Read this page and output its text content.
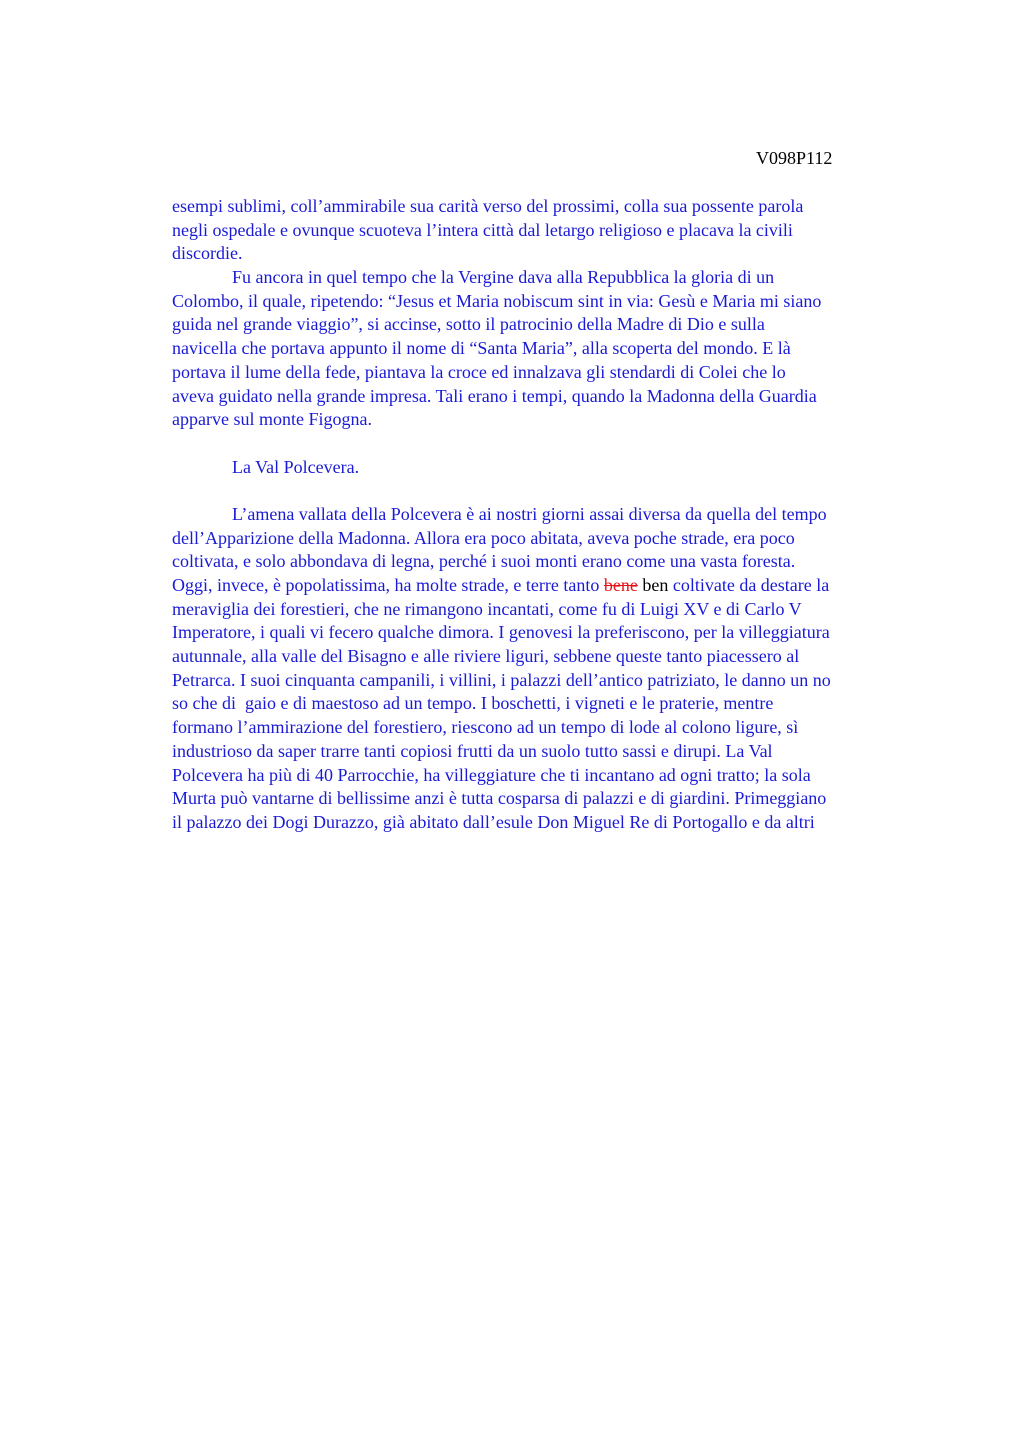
V098P112
esempi sublimi, coll’ammirabile sua carità verso del prossimi, colla sua possente parola
negli ospedale e ovunque scuoteva l’intera città dal letargo religioso e placava la civili
discordie.
Fu ancora in quel tempo che la Vergine dava alla Repubblica la gloria di un
Colombo, il quale, ripetendo: “Jesus et Maria nobiscum sint in via: Gesù e Maria mi siano
guida nel grande viaggio”, si accinse, sotto il patrocinio della Madre di Dio e sulla
navicella che portava appunto il nome di “Santa Maria”, alla scoperta del mondo. E là
portava il lume della fede, piantava la croce ed innalzava gli stendardi di Colei che lo
aveva guidato nella grande impresa. Tali erano i tempi, quando la Madonna della Guardia
apparve sul monte Figogna.
La Val Polcevera.
L’amena vallata della Polcevera è ai nostri giorni assai diversa da quella del tempo
dell’Apparizione della Madonna. Allora era poco abitata, aveva poche strade, era poco
coltivata, e solo abbondava di legna, perché i suoi monti erano come una vasta foresta.
Oggi, invece, è popolatissima, ha molte strade, e terre tanto bene ben coltivate da destare la
meraviglia dei forestieri, che ne rimangono incantati, come fu di Luigi XV e di Carlo V
Imperatore, i quali vi fecero qualche dimora. I genovesi la preferiscono, per la villeggiatura
autunnale, alla valle del Bisagno e alle riviere liguri, sebbene queste tanto piacessero al
Petrarca. I suoi cinquanta campanili, i villini, i palazzi dell’antico patriziato, le danno un no
so che di  gaio e di maestoso ad un tempo. I boschetti, i vigneti e le praterie, mentre
formano l’ammirazione del forestiero, riescono ad un tempo di lode al colono ligure, sì
industrioso da saper trarre tanti copiosi frutti da un suolo tutto sassi e dirupi. La Val
Polcevera ha più di 40 Parrocchie, ha villeggiature che ti incantano ad ogni tratto; la sola
Murta può vantarne di bellissime anzi è tutta cosparsa di palazzi e di giardini. Primeggiano
il palazzo dei Dogi Durazzo, già abitato dall’esule Don Miguel Re di Portogallo e da altri
